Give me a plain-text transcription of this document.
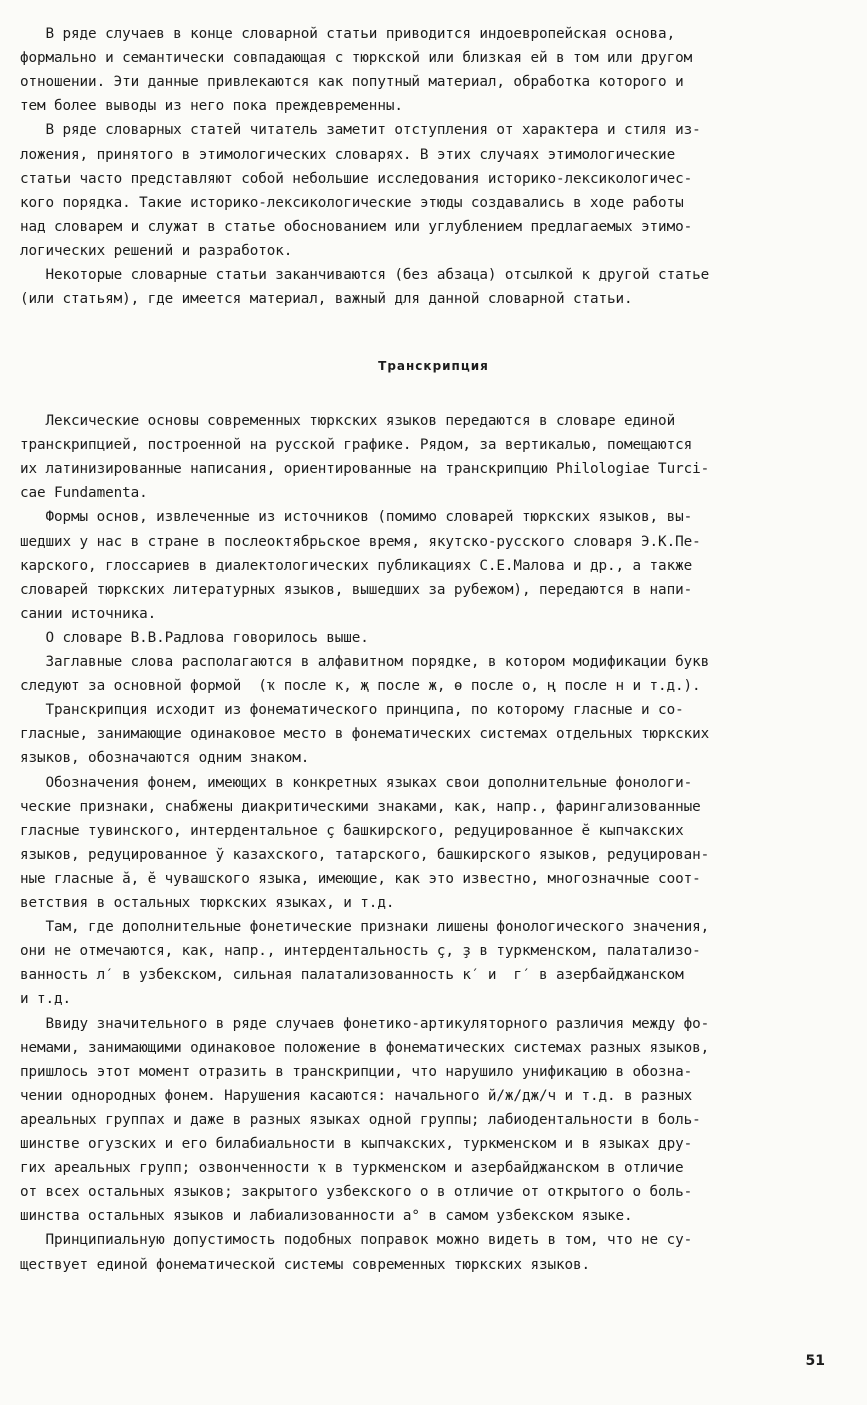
В ряде случаев в конце словарной статьи приводится индоевропейская основа,
формально и семантически совпадающая с тюркской или близкая ей в том или другом
отношении. Эти данные привлекаются как попутный материал, обработка которого и
тем более выводы из него пока преждевременны.
В ряде словарных статей читатель заметит отступления от характера и стиля из-
ложения, принятого в этимологических словарях. В этих случаях этимологические
статьи часто представляют собой небольшие исследования историко-лексикологичес-
кого порядка. Такие историко-лексикологические этюды создавались в ходе работы
над словарем и служат в статье обоснованием или углублением предлагаемых этимо-
логических решений и разработок.
Некоторые словарные статьи заканчиваются (без абзаца) отсылкой к другой статье
(или статьям), где имеется материал, важный для данной словарной статьи.
Транскрипция
Лексические основы современных тюркских языков передаются в словаре единой
транскрипцией, построенной на русской графике. Рядом, за вертикалью, помещаются
их латинизированные написания, ориентированные на транскрипцию Philologiae Turci-
cae Fundamenta.
Формы основ, извлеченные из источников (помимо словарей тюркских языков, вы-
шедших у нас в стране в послеоктябрьское время, якутско-русского словаря Э.К.Пе-
карского, глоссариев в диалектологических публикациях С.Е.Малова и др., а также
словарей тюркских литературных языков, вышедших за рубежом), передаются в напи-
сании источника.
О словаре В.В.Радлова говорилось выше.
Заглавные слова располагаются в алфавитном порядке, в котором модификации букв
следуют за основной формой  (ҡ после к, җ после ж, ө после о, ң после н и т.д.).
Транскрипция исходит из фонематического принципа, по которому гласные и со-
гласные, занимающие одинаковое место в фонематических системах отдельных тюркских
языков, обозначаются одним знаком.
Обозначения фонем, имеющих в конкретных языках свои дополнительные фонологи-
ческие признаки, снабжены диакритическими знаками, как, напр., фарингализованные
гласные тувинского, интердентальное ҫ башкирского, редуцированное ӗ кыпчакских
языков, редуцированное ў казахского, татарского, башкирского языков, редуцирован-
ные гласные ӑ, ӗ чувашского языка, имеющие, как это известно, многозначные соот-
ветствия в остальных тюркских языках, и т.д.
Там, где дополнительные фонетические признаки лишены фонологического значения,
они не отмечаются, как, напр., интердентальность ҫ, ҙ в туркменском, палатализо-
ванность л′ в узбекском, сильная палатализованность к′ и  г′ в азербайджанском
и т.д.
Ввиду значительного в ряде случаев фонетико-артикуляторного различия между фо-
немами, занимающими одинаковое положение в фонематических системах разных языков,
пришлось этот момент отразить в транскрипции, что нарушило унификацию в обозна-
чении однородных фонем. Нарушения касаются: начального й/ж/дж/ч и т.д. в разных
ареальных группах и даже в разных языках одной группы; лабиодентальности в боль-
шинстве огузских и его билабиальности в кыпчакских, туркменском и в языках дру-
гих ареальных групп; озвонченности ҡ в туркменском и азербайджанском в отличие
от всех остальных языков; закрытого узбекского о в отличие от открытого о боль-
шинства остальных языков и лабиализованности а° в самом узбекском языке.
Принципиальную допустимость подобных поправок можно видеть в том, что не су-
ществует единой фонематической системы современных тюркских языков.
51
